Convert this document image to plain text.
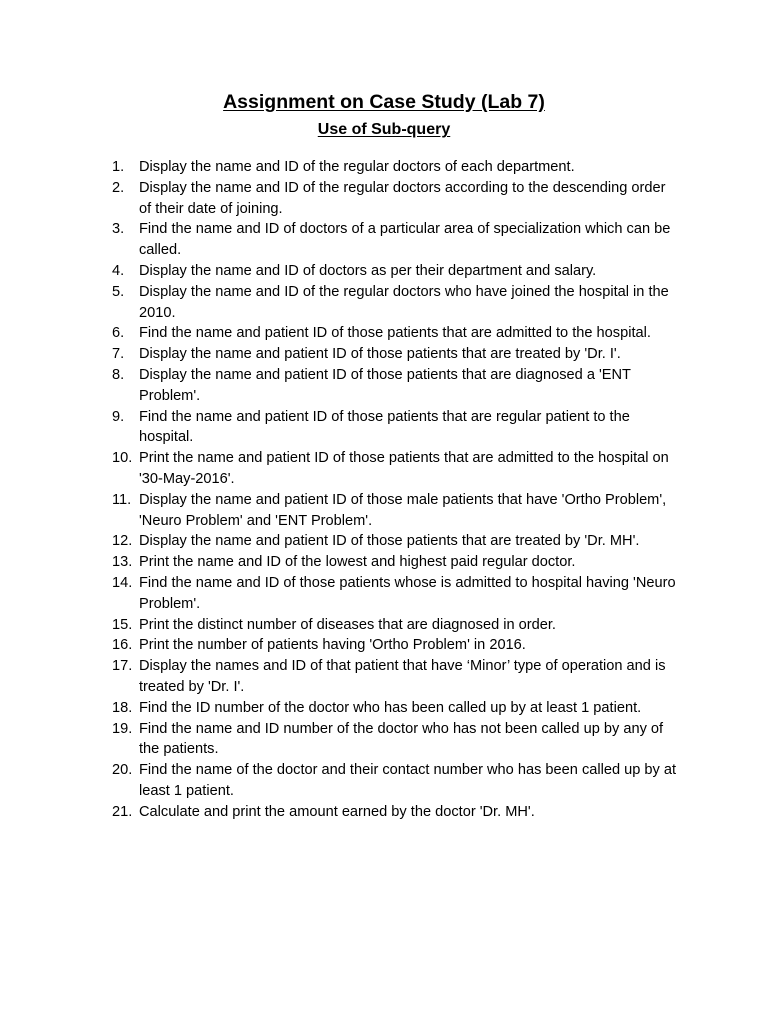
Assignment on Case Study (Lab 7)
Use of Sub-query
1.	Display the name and ID of the regular doctors of each department.
2.	Display the name and ID of the regular doctors according to the descending order of their date of joining.
3.	Find the name and ID of doctors of a particular area of specialization which can be called.
4.	Display the name and ID of doctors as per their department and salary.
5.	Display the name and ID of the regular doctors who have joined the hospital in the 2010.
6.	Find the name and patient ID of those patients that are admitted to the hospital.
7.	Display the name and patient ID of those patients that are treated by 'Dr. I'.
8.	Display the name and patient ID of those patients that are diagnosed a 'ENT Problem'.
9.	Find the name and patient ID of those patients that are regular patient to the hospital.
10. Print the name and patient ID of those patients that are admitted to the hospital on '30-May-2016'.
11. Display the name and patient ID of those male patients that have 'Ortho Problem', 'Neuro Problem' and 'ENT Problem'.
12. Display the name and patient ID of those patients that are treated by 'Dr. MH'.
13. Print the name and ID of the lowest and highest paid regular doctor.
14. Find the name and ID of those patients whose is admitted to hospital having 'Neuro Problem'.
15. Print the distinct number of diseases that are diagnosed in order.
16. Print the number of patients having 'Ortho Problem' in 2016.
17. Display the names and ID of that patient that have ‘Minor’ type of operation and is treated by 'Dr. I'.
18. Find the ID number of the doctor who has been called up by at least 1 patient.
19. Find the name and ID number of the doctor who has not been called up by any of the patients.
20. Find the name of the doctor and their contact number who has been called up by at least 1 patient.
21. Calculate and print the amount earned by the doctor 'Dr. MH'.
